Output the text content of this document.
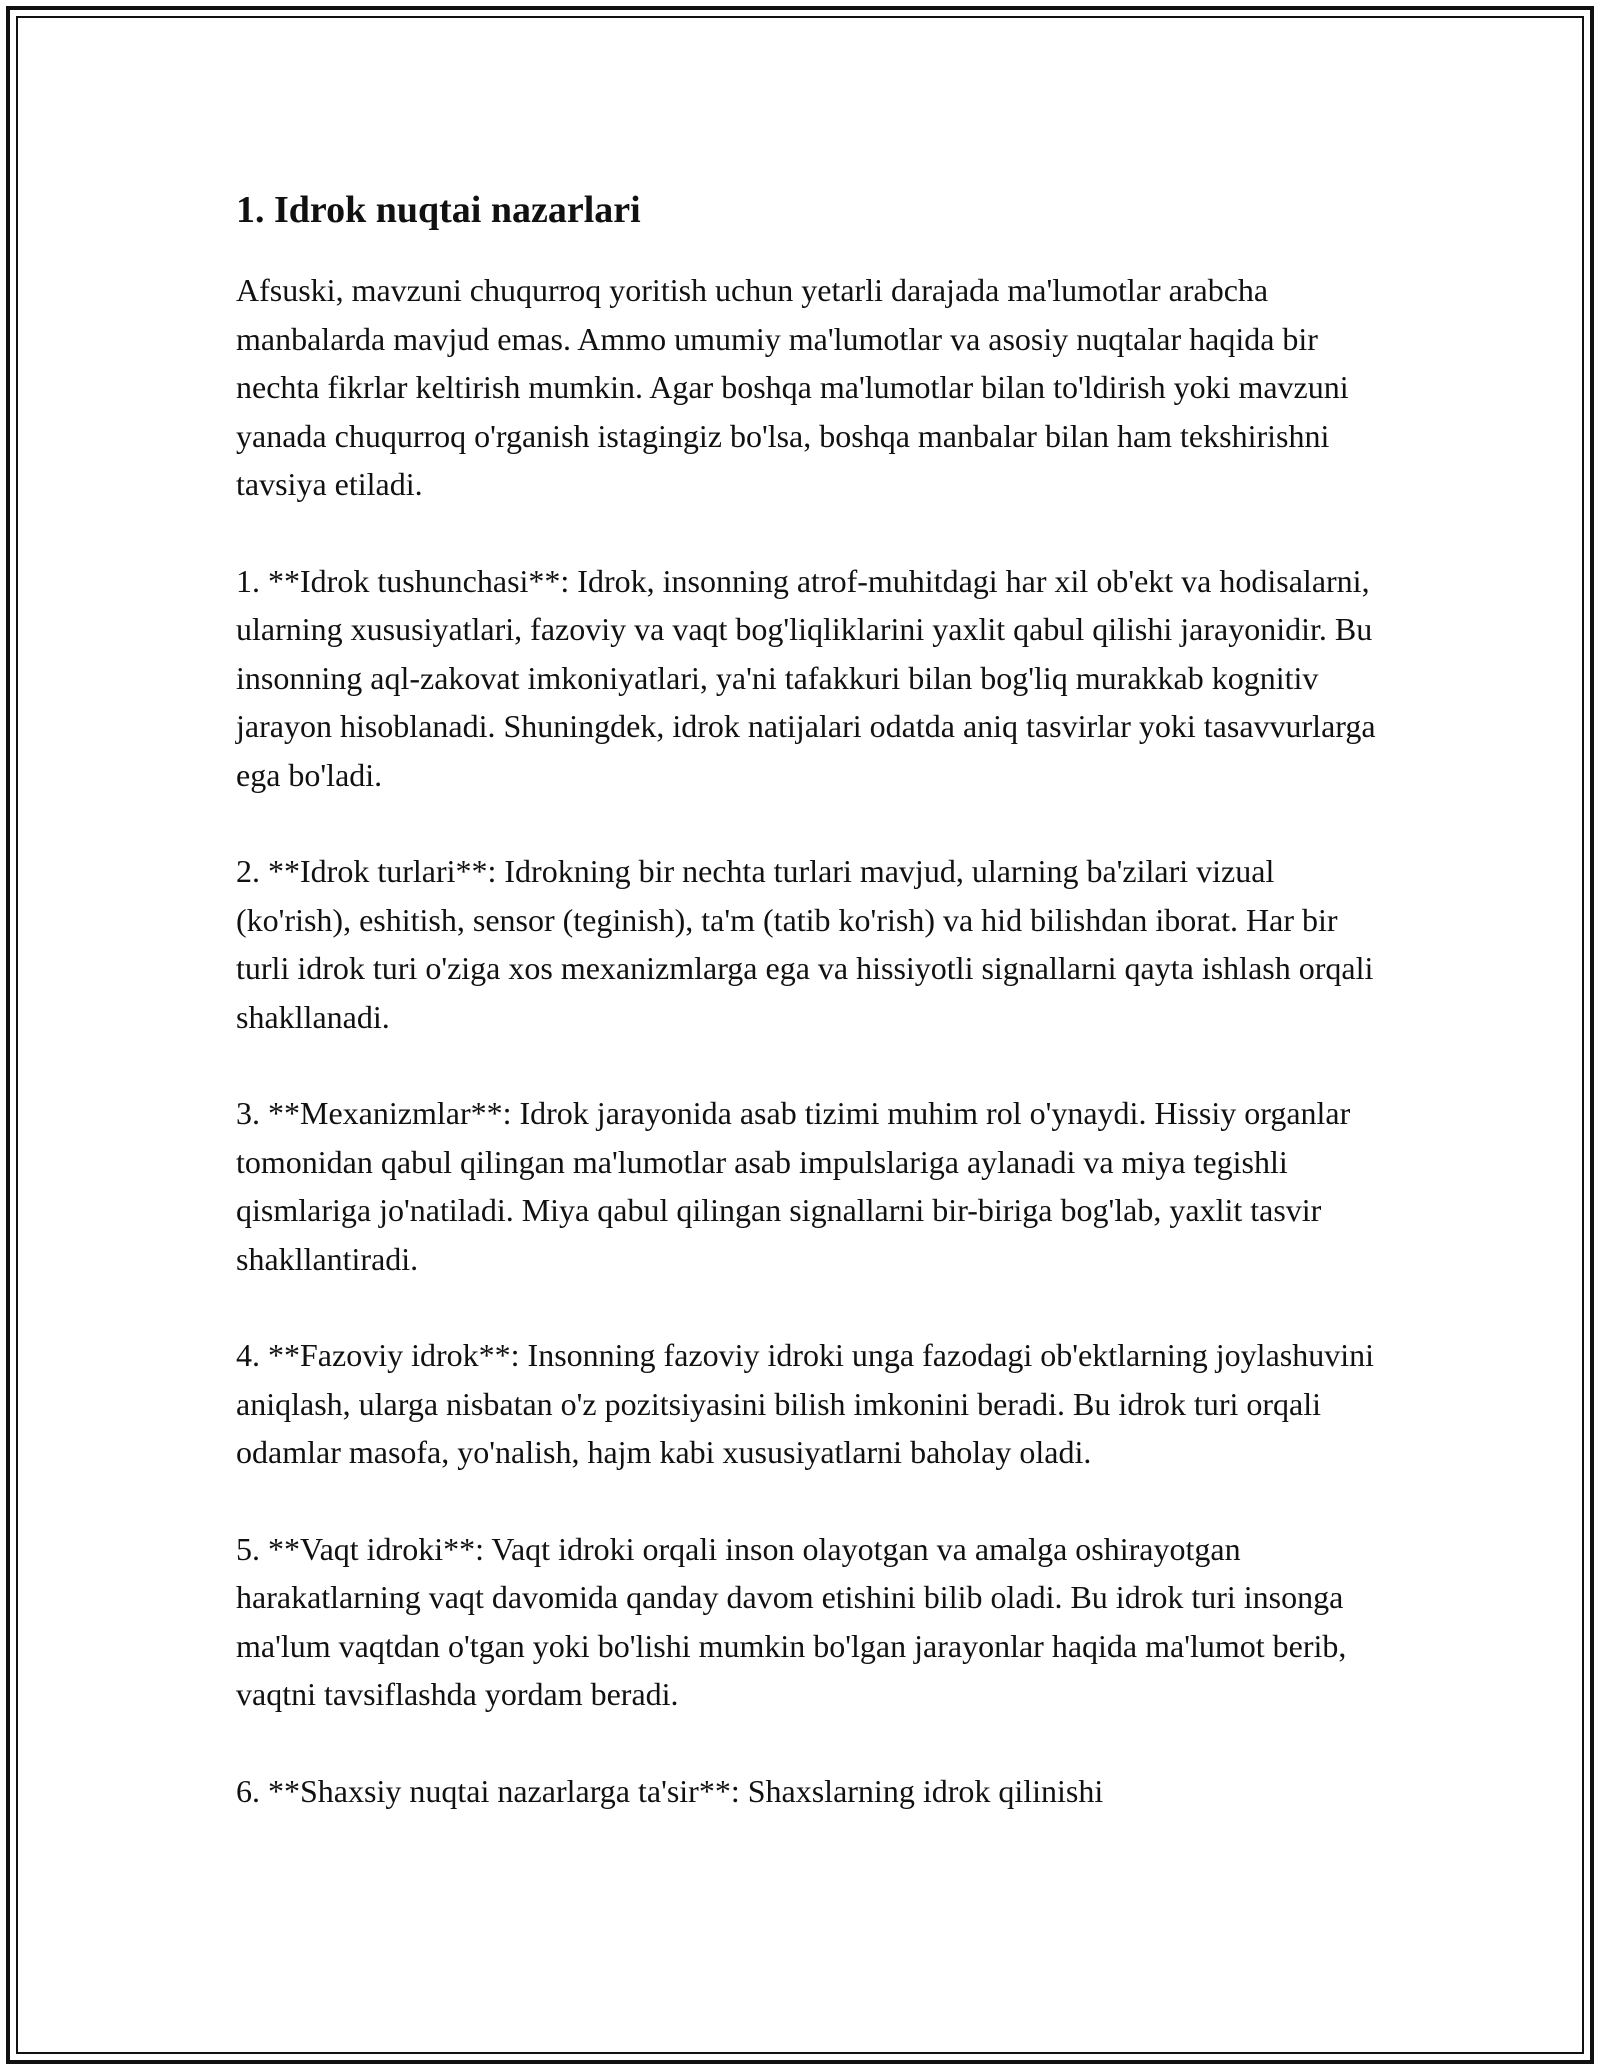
1. Idrok nuqtai nazarlari

Afsuski, mavzuni chuqurroq yoritish uchun yetarli darajada ma'lumotlar arabcha manbalarda mavjud emas. Ammo umumiy ma'lumotlar va asosiy nuqtalar haqida bir nechta fikrlar keltirish mumkin. Agar boshqa ma'lumotlar bilan to'ldirish yoki mavzuni yanada chuqurroq o'rganish istagingiz bo'lsa, boshqa manbalar bilan ham tekshirishni tavsiya etiladi.

1. **Idrok tushunchasi**: Idrok, insonning atrof-muhitdagi har xil ob'ekt va hodisalarni, ularning xususiyatlari, fazoviy va vaqt bog'liqliklarini yaxlit qabul qilishi jarayonidir. Bu insonning aql-zakovat imkoniyatlari, ya'ni tafakkuri bilan bog'liq murakkab kognitiv jarayon hisoblanadi. Shuningdek, idrok natijalari odatda aniq tasvirlar yoki tasavvurlarga ega bo'ladi.

2. **Idrok turlari**: Idrokning bir nechta turlari mavjud, ularning ba'zilari vizual (ko'rish), eshitish, sensor (teginish), ta'm (tatib ko'rish) va hid bilishdan iborat. Har bir turli idrok turi o'ziga xos mexanizmlarga ega va hissiyotli signallarni qayta ishlash orqali shakllanadi.

3. **Mexanizmlar**: Idrok jarayonida asab tizimi muhim rol o'ynaydi. Hissiy organlar tomonidan qabul qilingan ma'lumotlar asab impulslariga aylanadi va miya tegishli qismlariga jo'natiladi. Miya qabul qilingan signallarni bir-biriga bog'lab, yaxlit tasvir shakllantiradi.

4. **Fazoviy idrok**: Insonning fazoviy idroki unga fazodagi ob'ektlarning joylashuvini aniqlash, ularga nisbatan o'z pozitsiyasini bilish imkonini beradi. Bu idrok turi orqali odamlar masofa, yo'nalish, hajm kabi xususiyatlarni baholay oladi.

5. **Vaqt idroki**: Vaqt idroki orqali inson olayotgan va amalga oshirayotgan harakatlarning vaqt davomida qanday davom etishini bilib oladi. Bu idrok turi insonga ma'lum vaqtdan o'tgan yoki bo'lishi mumkin bo'lgan jarayonlar haqida ma'lumot berib, vaqtni tavsiflashda yordam beradi.

6. **Shaxsiy nuqtai nazarlarga ta'sir**: Shaxslarning idrok qilinishi
